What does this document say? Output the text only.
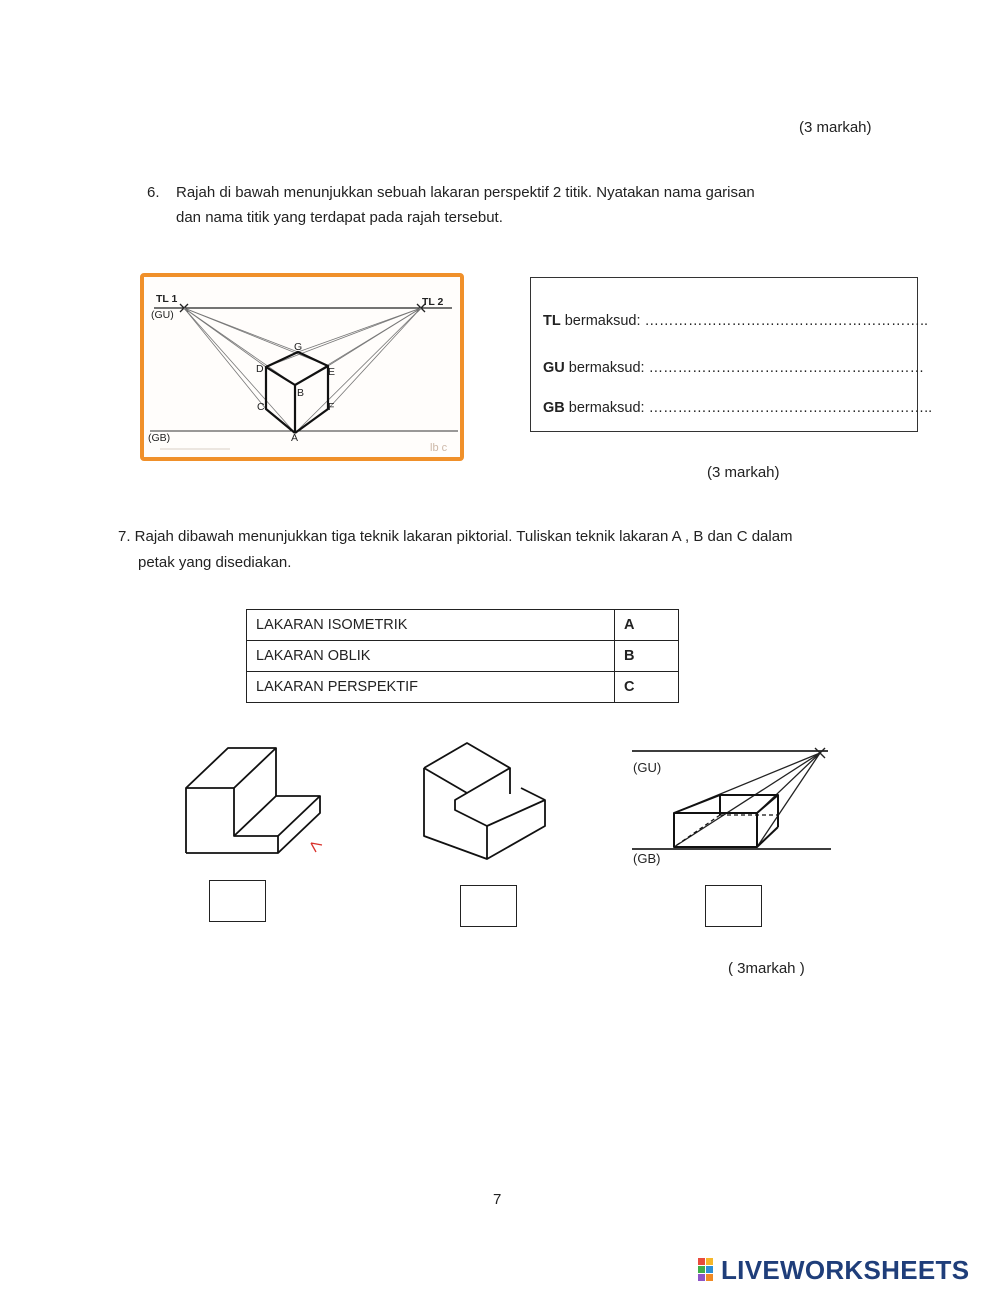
(3 markah)
6. Rajah di bawah menunjukkan sebuah lakaran perspektif 2 titik. Nyatakan nama garisan
dan nama titik yang terdapat pada rajah tersebut.
lb c
TL 1
(GU)
TL 2
(GB)	A
B
C
D	E
F
G
TL bermaksud: …………………………………………………..
GU bermaksud: …………………………………………………
GB bermaksud: …………………………………………………..
(3 markah)
7. Rajah dibawah menunjukkan tiga teknik lakaran piktorial. Tuliskan teknik lakaran A , B dan C dalam
petak yang disediakan.
LAKARAN ISOMETRIK	A
LAKARAN OBLIK	B
LAKARAN PERSPEKTIF	C
(GU)
(GB)
( 3markah )
7

LIVEWORKSHEETS
